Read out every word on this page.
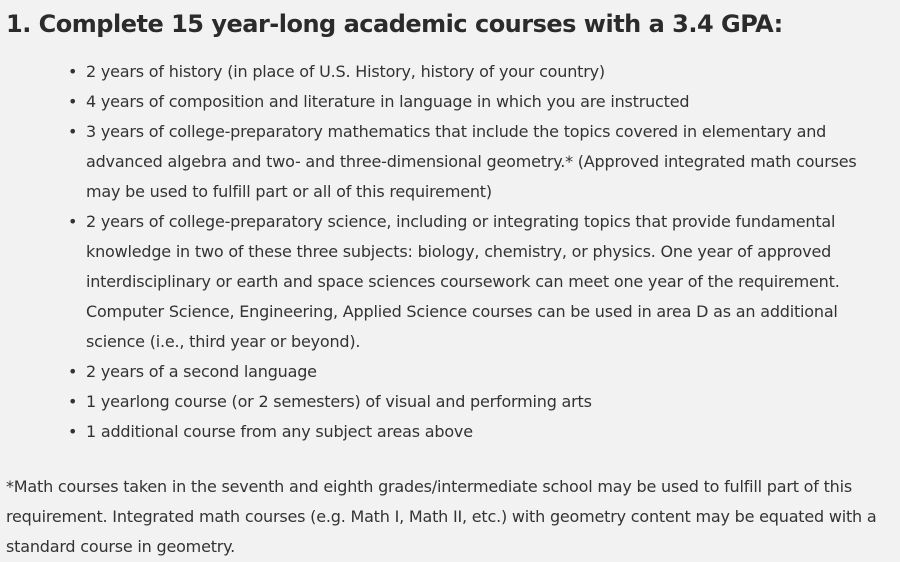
1. Complete 15 year-long academic courses with a 3.4 GPA:
• 2 years of history (in place of U.S. History, history of your country)
• 4 years of composition and literature in language in which you are instructed
• 3 years of college-preparatory mathematics that include the topics covered in elementary and advanced algebra and two- and three-dimensional geometry.* (Approved integrated math courses may be used to fulfill part or all of this requirement)
• 2 years of college-preparatory science, including or integrating topics that provide fundamental knowledge in two of these three subjects: biology, chemistry, or physics. One year of approved interdisciplinary or earth and space sciences coursework can meet one year of the requirement. Computer Science, Engineering, Applied Science courses can be used in area D as an additional science (i.e., third year or beyond).
• 2 years of a second language
• 1 yearlong course (or 2 semesters) of visual and performing arts
• 1 additional course from any subject areas above

*Math courses taken in the seventh and eighth grades/intermediate school may be used to fulfill part of this requirement. Integrated math courses (e.g. Math I, Math II, etc.) with geometry content may be equated with a standard course in geometry.
